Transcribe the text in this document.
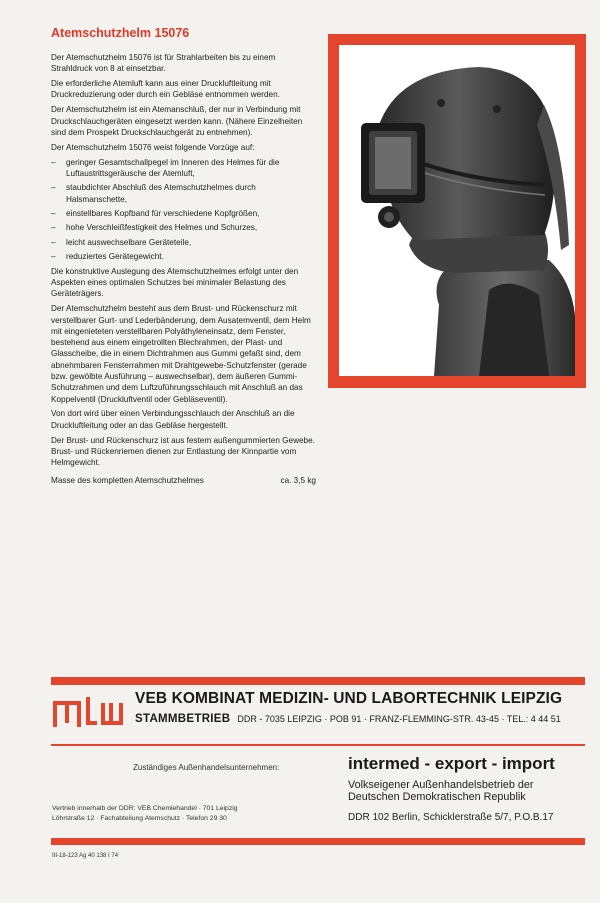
Atemschutzhelm 15076

Der Atemschutzhelm 15076 ist für Strahlarbeiten bis zu einem Strahldruck von 8 at einsetzbar.

Die erforderliche Atemluft kann aus einer Druckluftleitung mit Druckreduzierung oder durch ein Gebläse entnommen werden.

Der Atemschutzhelm ist ein Atemanschluß, der nur in Verbindung mit Druckschlauchgeräten eingesetzt werden kann. (Nähere Einzelheiten sind dem Prospekt Druckschlauchgerät zu entnehmen).

Der Atemschutzhelm 15076 weist folgende Vorzüge auf:

– geringer Gesamtschallpegel im Inneren des Helmes für die Luftaustrittsgeräusche der Atemluft,
– staubdichter Abschluß des Atemschutzhelmes durch Halsmanschette,
– einstellbares Kopfband für verschiedene Kopfgrößen,
– hohe Verschleißfestigkeit des Helmes und Schurzes,
– leicht auswechselbare Geräteteile,
– reduziertes Gerätegewicht.

Die konstruktive Auslegung des Atemschutzhelmes erfolgt unter den Aspekten eines optimalen Schutzes bei minimaler Belastung des Geräteträgers.

Der Atemschutzhelm besteht aus dem Brust- und Rückenschurz mit verstellbarer Gurt- und Lederbänderung, dem Ausatemventil, dem Helm mit eingenieteten verstellbaren Polyäthyleneinsatz, dem Fenster, bestehend aus einem eingetrollten Blechrahmen, der Plast- und Glasscheibe, die in einem Dichtrahmen aus Gummi gefaßt sind, dem abnehmbaren Fensterrahmen mit Drahtgewebe-Schutzfenster (gerade bzw. gewölbte Ausführung – auswechselbar), dem äußeren Gummi-Schutzrahmen und dem Luftzuführungsschlauch mit Anschluß an das Koppelventil (Druckluftventil oder Gebläseventil).

Von dort wird über einen Verbindungsschlauch der Anschluß an die Druckluftleitung oder an das Gebläse hergestellt.

Der Brust- und Rückenschurz ist aus festem außengummierten Gewebe. Brust- und Rückenriemen dienen zur Entlastung der Kinnpartie vom Helmgewicht.

Masse des kompletten Atemschutzhelmes	ca. 3,5 kg
VEB KOMBINAT MEDIZIN- UND LABORTECHNIK LEIPZIG
STAMMBETRIEB DDR - 7035 LEIPZIG · POB 91 · FRANZ-FLEMMING-STR. 43-45 · TEL.: 4 44 51
Zuständiges Außenhandelsunternehmen:	intermed - export - import
Volkseigener Außenhandelsbetrieb der
Deutschen Demokratischen Republik
DDR 102 Berlin, Schicklerstraße 5/7, P.O.B.17
Vertrieb innerhalb der DDR: VEB Chemiehandel · 701 Leipzig
Löhrstraße 12 · Fachabteilung Atemschutz · Telefon 29 30
III-18-123 Ag 40 138 I 74
